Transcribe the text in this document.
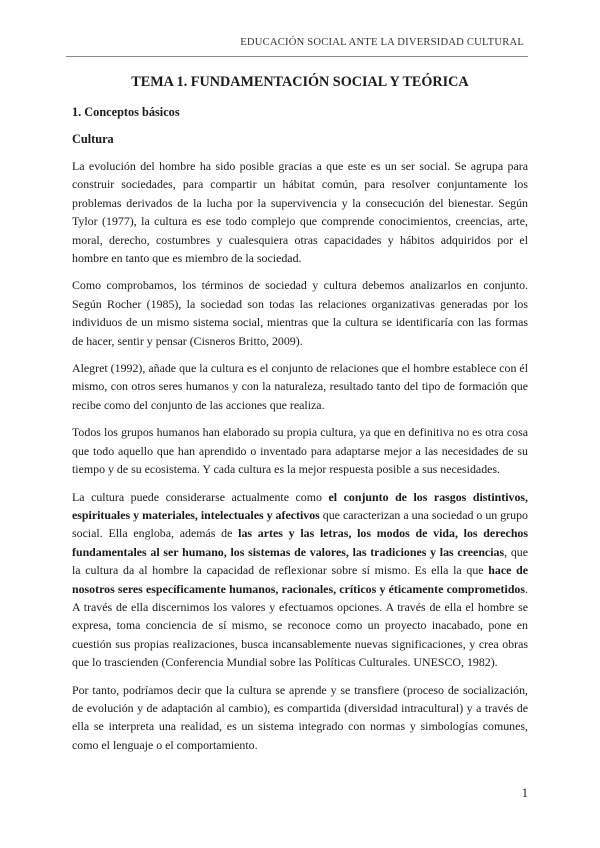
EDUCACIÓN SOCIAL ANTE LA DIVERSIDAD CULTURAL
TEMA 1. FUNDAMENTACIÓN SOCIAL Y TEÓRICA
1. Conceptos básicos
Cultura

La evolución del hombre ha sido posible gracias a que este es un ser social. Se agrupa para construir sociedades, para compartir un hábitat común, para resolver conjuntamente los problemas derivados de la lucha por la supervivencia y la consecución del bienestar. Según Tylor (1977), la cultura es ese todo complejo que comprende conocimientos, creencias, arte, moral, derecho, costumbres y cualesquiera otras capacidades y hábitos adquiridos por el hombre en tanto que es miembro de la sociedad.

Como comprobamos, los términos de sociedad y cultura debemos analizarlos en conjunto. Según Rocher (1985), la sociedad son todas las relaciones organizativas generadas por los individuos de un mismo sistema social, mientras que la cultura se identificaría con las formas de hacer, sentir y pensar (Cisneros Britto, 2009).

Alegret (1992), añade que la cultura es el conjunto de relaciones que el hombre establece con él mismo, con otros seres humanos y con la naturaleza, resultado tanto del tipo de formación que recibe como del conjunto de las acciones que realiza.

Todos los grupos humanos han elaborado su propia cultura, ya que en definitiva no es otra cosa que todo aquello que han aprendido o inventado para adaptarse mejor a las necesidades de su tiempo y de su ecosistema. Y cada cultura es la mejor respuesta posible a sus necesidades.

La cultura puede considerarse actualmente como el conjunto de los rasgos distintivos, espirituales y materiales, intelectuales y afectivos que caracterizan a una sociedad o un grupo social. Ella engloba, además de las artes y las letras, los modos de vida, los derechos fundamentales al ser humano, los sistemas de valores, las tradiciones y las creencias, que la cultura da al hombre la capacidad de reflexionar sobre sí mismo. Es ella la que hace de nosotros seres específicamente humanos, racionales, críticos y éticamente comprometidos. A través de ella discernimos los valores y efectuamos opciones. A través de ella el hombre se expresa, toma conciencia de sí mismo, se reconoce como un proyecto inacabado, pone en cuestión sus propias realizaciones, busca incansablemente nuevas significaciones, y crea obras que lo trascienden (Conferencia Mundial sobre las Políticas Culturales. UNESCO, 1982).

Por tanto, podríamos decir que la cultura se aprende y se transfiere (proceso de socialización, de evolución y de adaptación al cambio), es compartida (diversidad intracultural) y a través de ella se interpreta una realidad, es un sistema integrado con normas y simbologías comunes, como el lenguaje o el comportamiento.

1
